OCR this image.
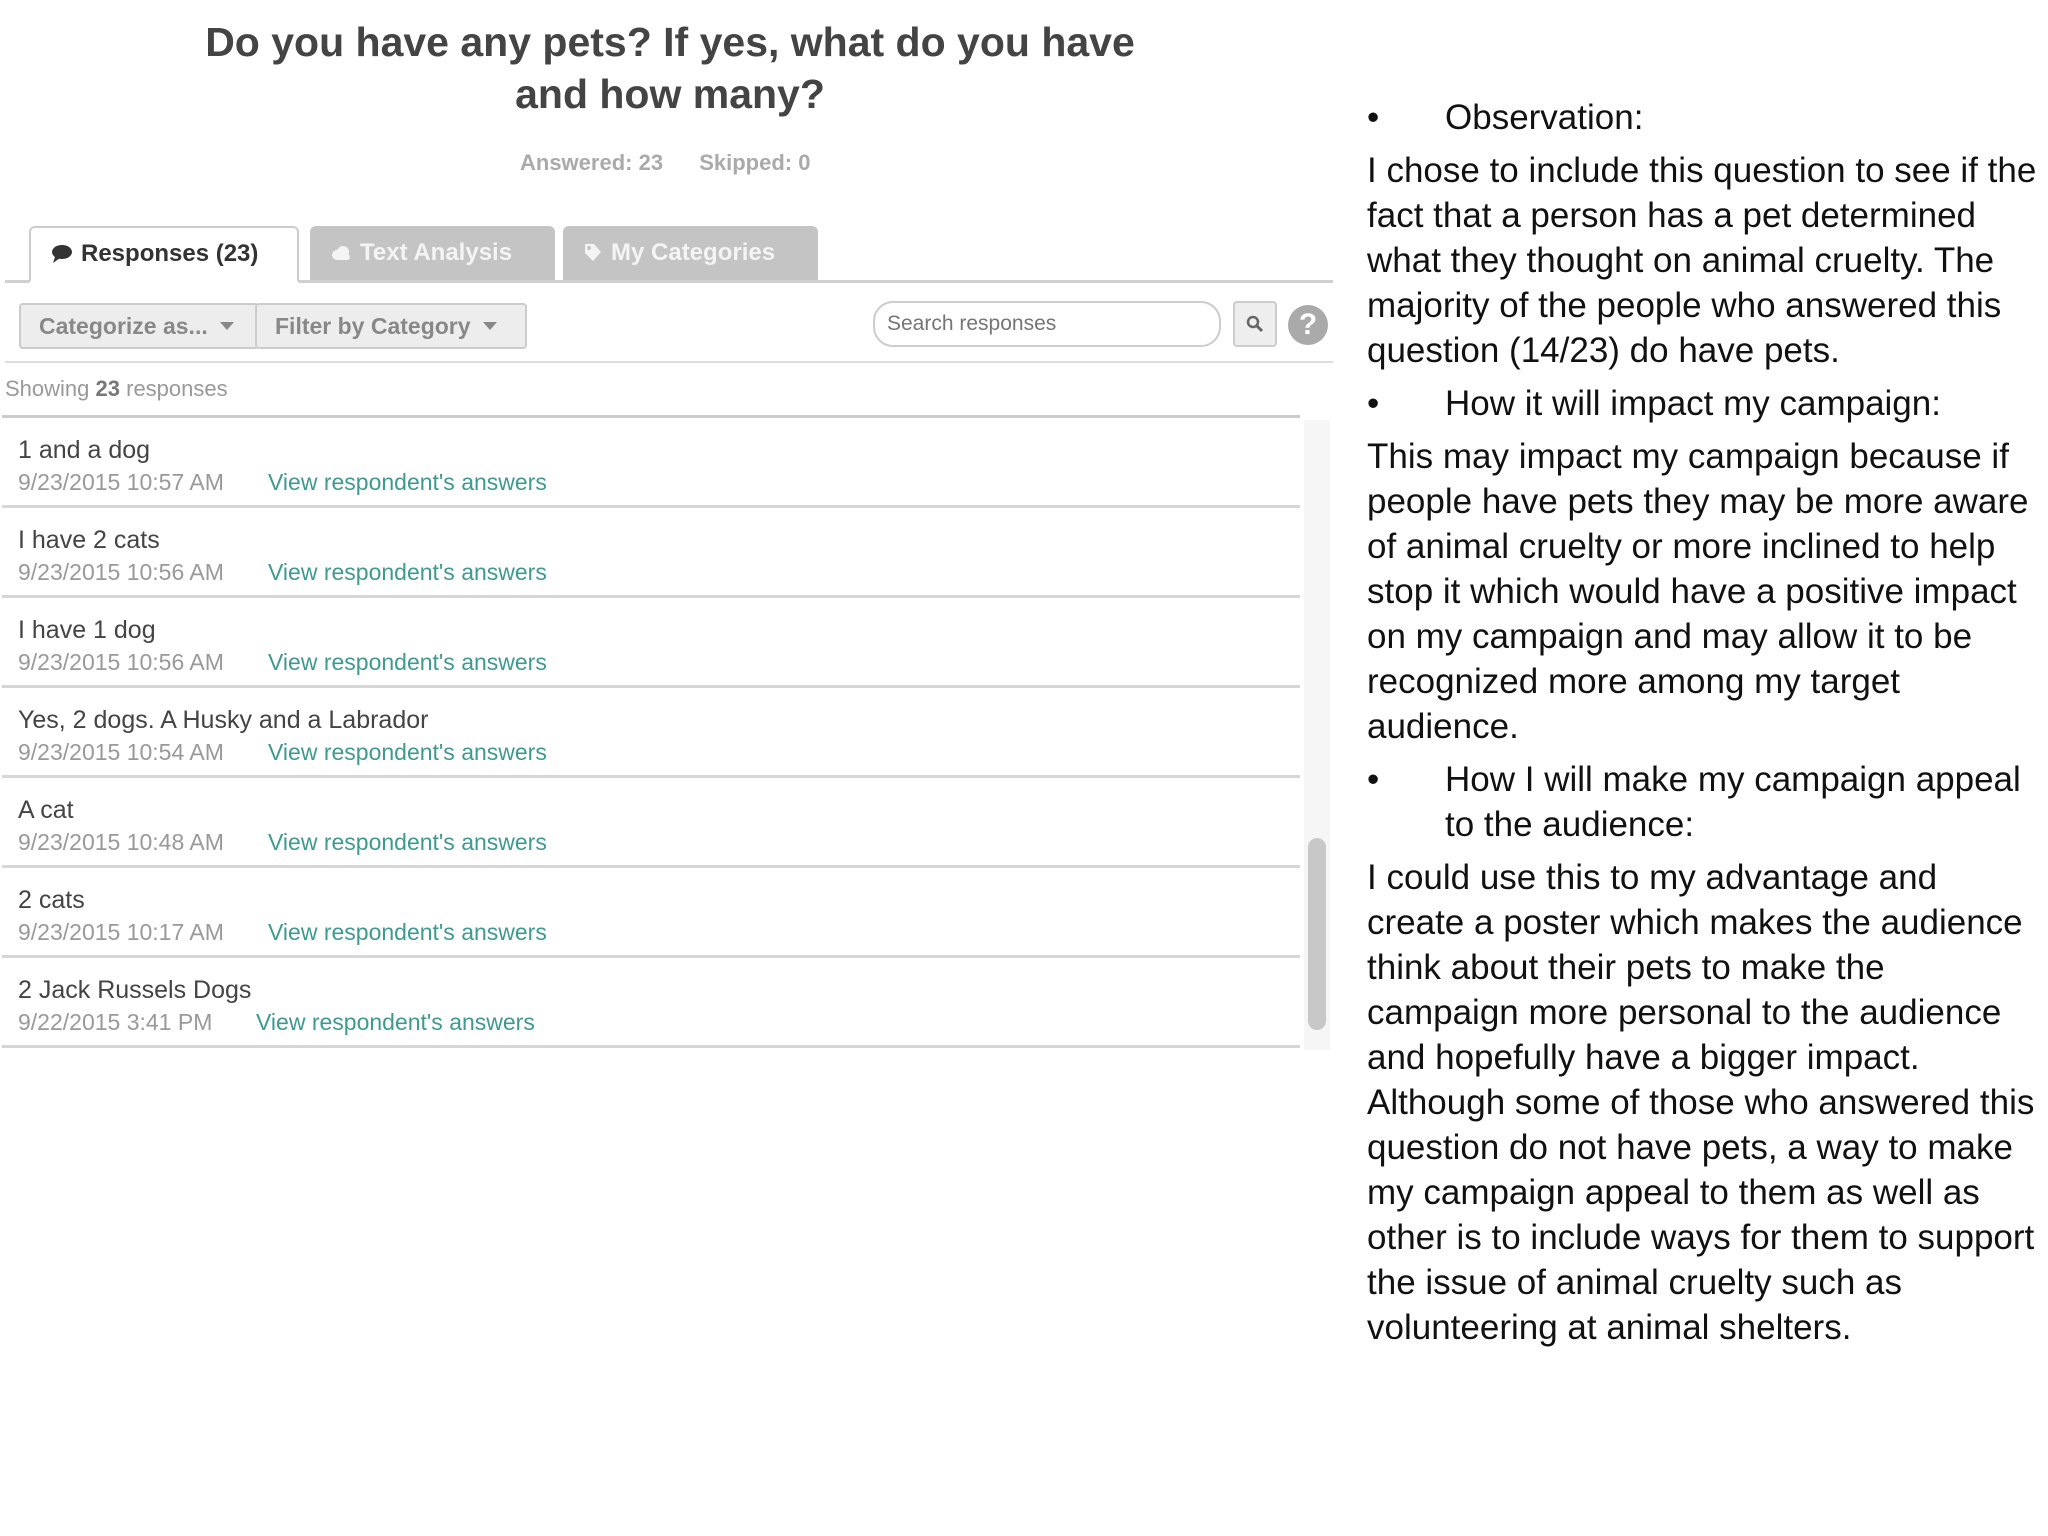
Do you have any pets? If yes, what do you have and how many?
Answered: 23 Skipped: 0
Responses (23)	Text Analysis	My Categories
Categorize as...	Filter by Category
Search responses	?
Showing 23 responses
1 and a dog
9/23/2015 10:57 AM View respondent's answers
I have 2 cats
9/23/2015 10:56 AM View respondent's answers
I have 1 dog
9/23/2015 10:56 AM View respondent's answers
Yes, 2 dogs. A Husky and a Labrador
9/23/2015 10:54 AM View respondent's answers
A cat
9/23/2015 10:48 AM View respondent's answers
2 cats
9/23/2015 10:17 AM View respondent's answers
2 Jack Russels Dogs
9/22/2015 3:41 PM View respondent's answers
•	Observation:

I chose to include this question to see if the fact that a person has a pet determined what they thought on animal cruelty. The majority of the people who answered this question (14/23) do have pets.

•	How it will impact my campaign:

This may impact my campaign because if people have pets they may be more aware of animal cruelty or more inclined to help stop it which would have a positive impact on my campaign and may allow it to be recognized more among my target audience.

•	How I will make my campaign appeal to the audience:

I could use this to my advantage and create a poster which makes the audience think about their pets to make the campaign more personal to the audience and hopefully have a bigger impact. Although some of those who answered this question do not have pets, a way to make my campaign appeal to them as well as other is to include ways for them to support the issue of animal cruelty such as volunteering at animal shelters.
